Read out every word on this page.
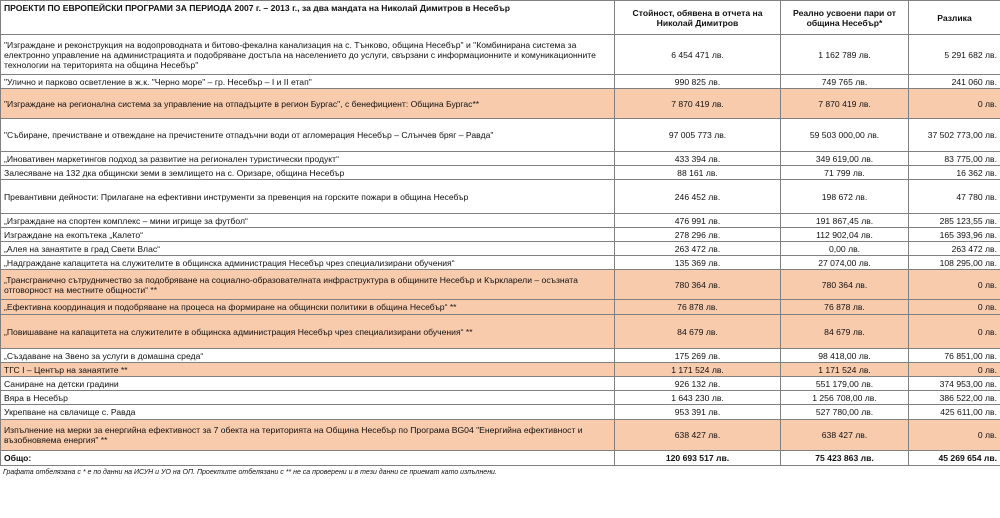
ПРОЕКТИ ПО ЕВРОПЕЙСКИ ПРОГРАМИ ЗА ПЕРИОДА 2007 г. – 2013 г., за два мандата на Николай Димитров в Несебър	Стойност, обявена в отчета на Николай Димитров	Реално усвоени пари от община Несебър*	Разлика
"Изграждане и реконструкция на водопроводната и битово-фекална канализация на с. Тънково, община Несебър" и "Комбинирана система за електронно управление на администрацията и подобряване достъпа на населението до услуги, свързани с информационните и комуникационните технологии на територията на община Несебър"	6 454 471 лв.	1 162 789 лв.	5 291 682 лв.
"Улично и парково осветление в ж.к. "Черно море" – гр. Несебър – I и II етап"	990 825 лв.	749 765 лв.	241 060 лв.
"Изграждане на регионална система за управление на отпадъците в регион Бургас", с бенефициент: Община Бургас**	7 870 419 лв.	7 870 419 лв.	0 лв.
"Събиране, пречистване и отвеждане на пречистените отпадъчни води от агломерация Несебър – Слънчев бряг – Равда"	97 005 773 лв.	59 503 000,00 лв.	37 502 773,00 лв.
„Иновативен маркетингов подход за развитие на регионален туристически продукт“	433 394 лв.	349 619,00 лв.	83 775,00 лв.
Залесяване на 132 дка общински земи в землището на с. Оризаре, община Несебър	88 161 лв.	71 799 лв.	16 362 лв.
Превантивни дейности: Прилагане на ефективни инструменти за превенция на горските пожари в община Несебър	246 452 лв.	198 672 лв.	47 780 лв.
„Изграждане на спортен комплекс – мини игрище за футбол“	476 991 лв.	191 867,45 лв.	285 123,55 лв.
Изграждане на екопътека „Калето“	278 296 лв.	112 902,04 лв.	165 393,96 лв.
„Алея на занаятите в град Свети Влас“	263 472 лв.	0,00 лв.	263 472 лв.
„Надграждане капацитета на служителите в общинска администрация Несебър чрез специализирани обучения“	135 369 лв.	27 074,00 лв.	108 295,00 лв.
„Трансгранично сътрудничество за подобряване на социално-образователната инфраструктура в общините Несебър и Къркларели – осъзната отговорност на местните общности“ **	780 364 лв.	780 364 лв.	0 лв.
„Ефективна координация и подобряване на процеса на формиране на общински политики в община Несебър“ **	76 878 лв.	76 878 лв.	0 лв.
„Повишаване на капацитета на служителите в общинска администрация Несебър чрез специализирани обучения“ **	84 679 лв.	84 679 лв.	0 лв.
„Създаване на Звено за услуги в домашна среда“	175 269 лв.	98 418,00 лв.	76 851,00 лв.
ТГС I – Център на занаятите **	1 171 524 лв.	1 171 524 лв.	0 лв.
Саниране на детски градини	926 132 лв.	551 179,00 лв.	374 953,00 лв.
Вяра в Несебър	1 643 230 лв.	1 256 708,00 лв.	386 522,00 лв.
Укрепване на свлачище с. Равда	953 391 лв.	527 780,00 лв.	425 611,00 лв.
Изпълнение на мерки за енергийна ефективност за 7 обекта на територията на Община Несебър по Програма BG04 "Енергийна ефективност и възобновяема енергия" **	638 427 лв.	638 427 лв.	0 лв.
Общо:	120 693 517 лв.	75 423 863 лв.	45 269 654 лв.
Графата отбелязана с * е по данни на ИСУН и УО на ОП. Проектите отбелязани с ** не са проверени и в тези данни се приемат като изпълнени.
